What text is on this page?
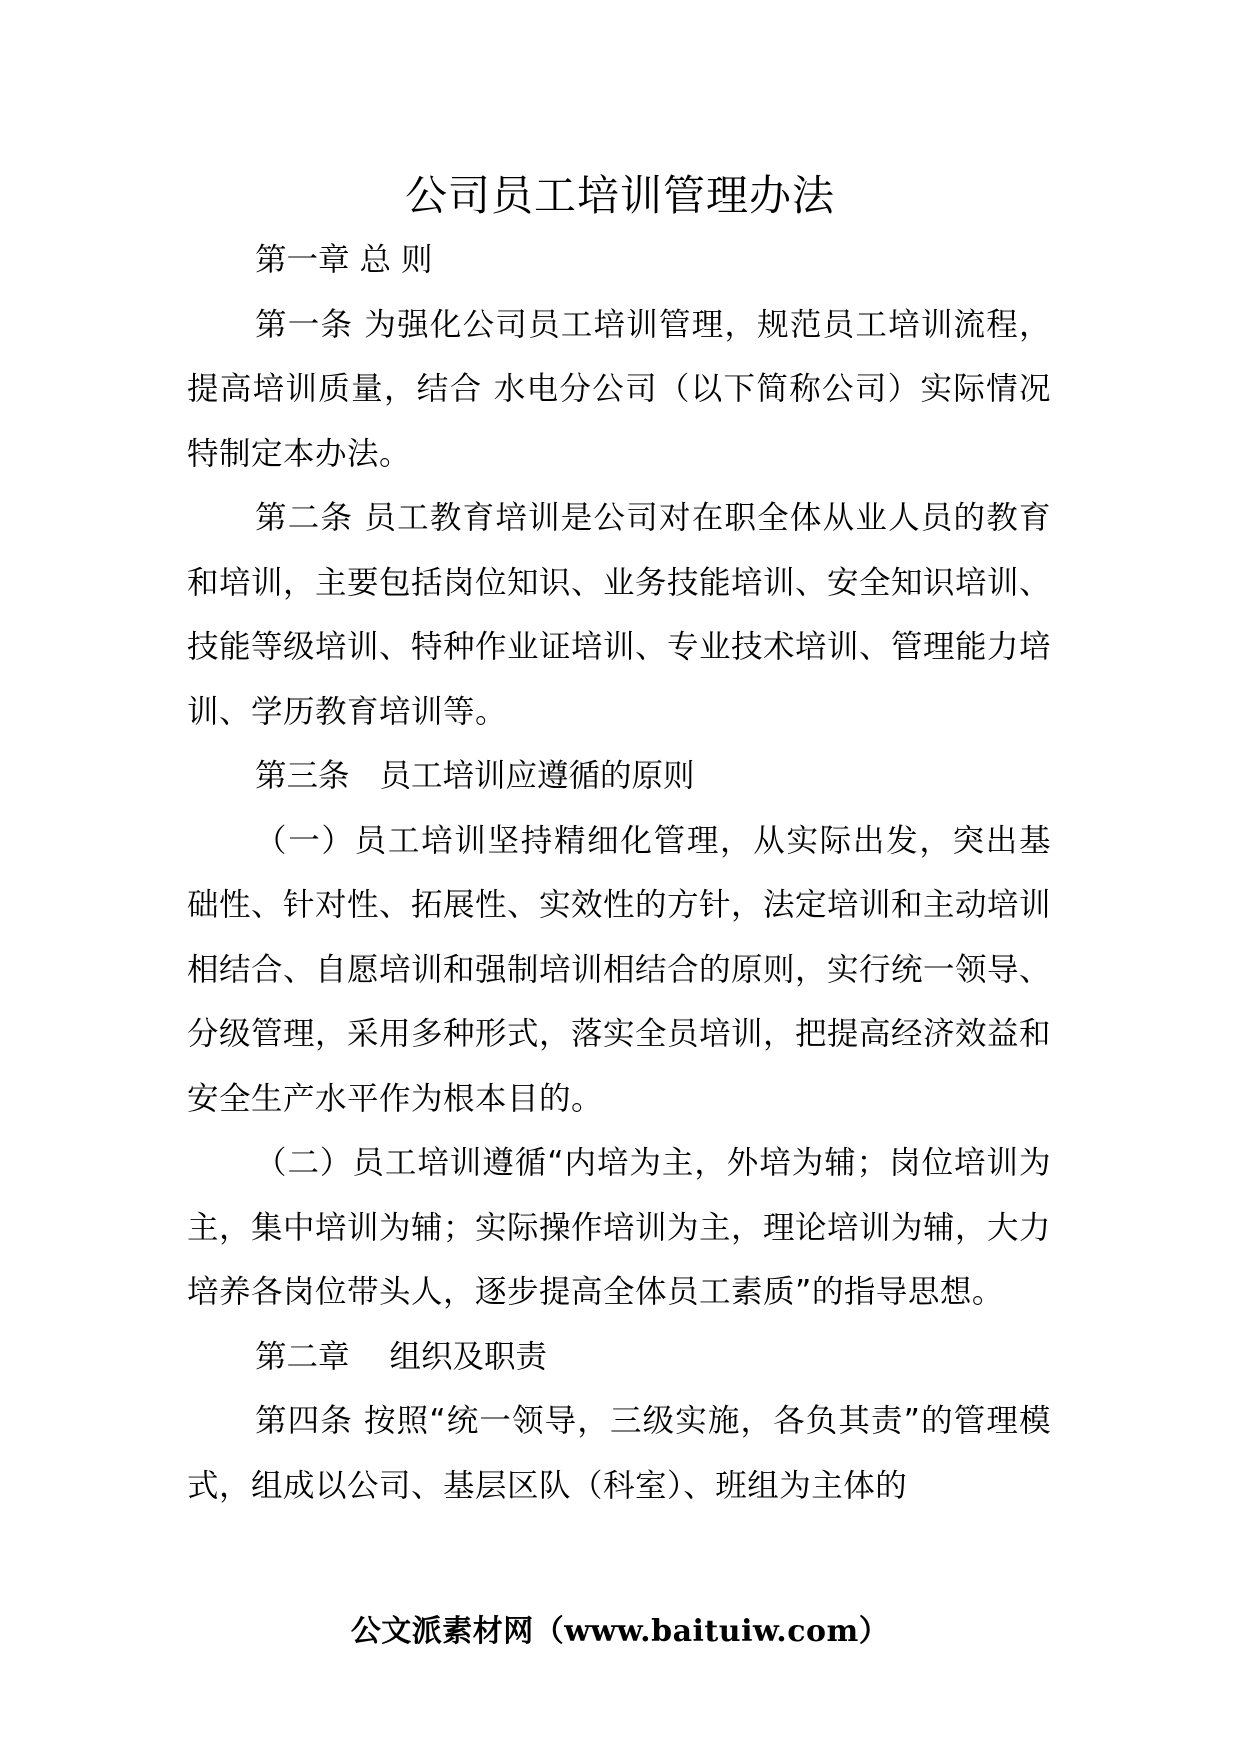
公司员工培训管理办法

第一章 总 则

第一条 为强化公司员工培训管理，规范员工培训流程，提高培训质量，结合 水电分公司（以下简称公司）实际情况特制定本办法。

第二条 员工教育培训是公司对在职全体从业人员的教育和培训，主要包括岗位知识、业务技能培训、安全知识培训、技能等级培训、特种作业证培训、专业技术培训、管理能力培训、学历教育培训等。

第三条   员工培训应遵循的原则

（一）员工培训坚持精细化管理，从实际出发，突出基础性、针对性、拓展性、实效性的方针，法定培训和主动培训相结合、自愿培训和强制培训相结合的原则，实行统一领导、分级管理，采用多种形式，落实全员培训，把提高经济效益和安全生产水平作为根本目的。

（二）员工培训遵循“内培为主，外培为辅；岗位培训为主，集中培训为辅；实际操作培训为主，理论培训为辅，大力培养各岗位带头人，逐步提高全体员工素质”的指导思想。

第二章    组织及职责

第四条 按照“统一领导，三级实施，各负其责”的管理模式，组成以公司、基层区队（科室）、班组为主体的

公文派素材网（www.baituiw.com）
